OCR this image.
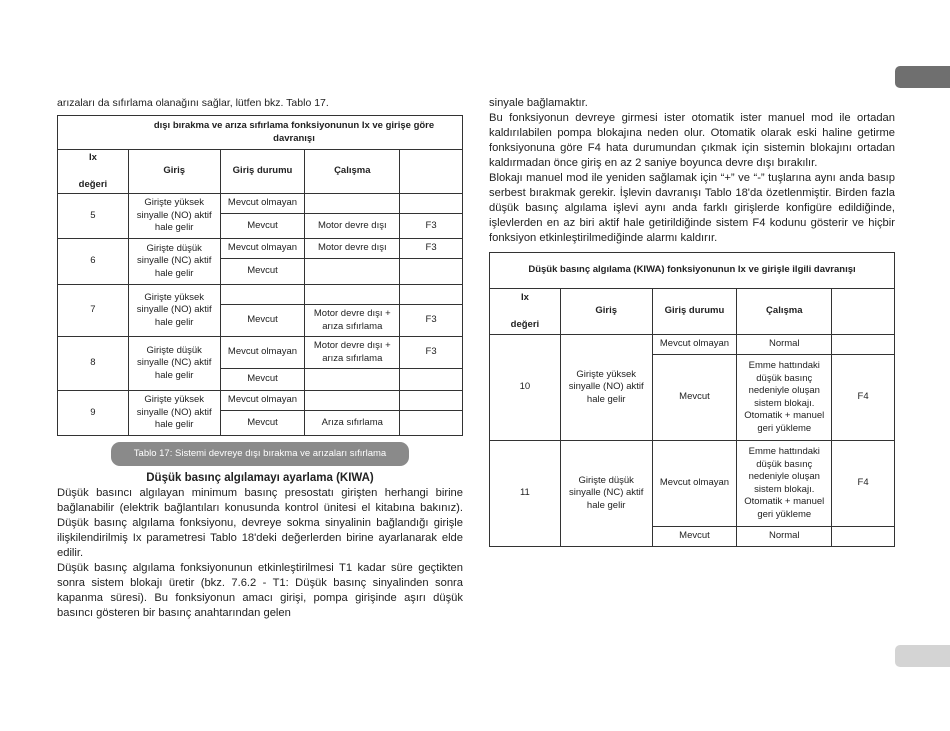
arızaları da sıfırlama olanağını sağlar, lütfen bkz. Tablo 17.

dışı bırakma ve arıza sıfırlama fonksiyonunun Ix ve girişe göre davranışı				

Ix
değeri	Giriş	Giriş durumu	Çalışma	
5	Girişte yüksek sinyalle (NO) aktif hale gelir	Mevcut olmayan		
		Mevcut	Motor devre dışı	F3
6	Girişte düşük sinyalle (NC) aktif hale gelir	Mevcut olmayan	Motor devre dışı	F3
		Mevcut		
7	Girişte yüksek sinyalle (NO) aktif hale gelir			
		Mevcut	Motor devre dışı + arıza sıfırlama	F3
8	Girişte düşük sinyalle (NC) aktif hale gelir	Mevcut olmayan	Motor devre dışı + arıza sıfırlama	F3
		Mevcut		
9	Girişte yüksek sinyalle (NO) aktif hale gelir	Mevcut olmayan		
		Mevcut	Arıza sıfırlama	
Tablo 17: Sistemi devreye dışı bırakma ve arızaları sıfırlama
Düşük basınç algılamayı ayarlama (KIWA)

Düşük basıncı algılayan minimum basınç presostatı girişten herhangi birine bağlanabilir (elektrik bağlantıları konusunda kontrol ünitesi el kitabına bakınız). Düşük basınç algılama fonksiyonu, devreye sokma sinyalinin bağlandığı girişle ilişkilendirilmiş Ix parametresi Tablo 18'deki değerlerden birine ayarlanarak elde edilir.

Düşük basınç algılama fonksiyonunun etkinleştirilmesi T1 kadar süre geçtikten sonra sistem blokajı üretir (bkz. 7.6.2 - T1: Düşük basınç sinyalinden sonra kapanma süresi). Bu fonksiyonun amacı girişi, pompa girişinde aşırı düşük basıncı gösteren bir basınç anahtarından gelen

sinyale bağlamaktır.

Bu fonksiyonun devreye girmesi ister otomatik ister manuel mod ile ortadan kaldırılabilen pompa blokajına neden olur. Otomatik olarak eski haline getirme fonksiyonuna göre F4 hata durumundan çıkmak için sistemin blokajını ortadan kaldırmadan önce giriş en az 2 saniye boyunca devre dışı bırakılır.

Blokajı manuel mod ile yeniden sağlamak için “+” ve “-” tuşlarına aynı anda basıp serbest bırakmak gerekir. İşlevin davranışı Tablo 18'da özetlenmiştir. Birden fazla düşük basınç algılama işlevi aynı anda farklı girişlerde konfigüre edildiğinde, işlevlerden en az biri aktif hale getirildiğinde sistem F4 kodunu gösterir ve hiçbir fonksiyon etkinleştirilmediğinde alarmı kaldırır.

Düşük basınç algılama (KIWA) fonksiyonunun Ix ve girişle ilgili davranışı				

Ix
değeri	Giriş	Giriş durumu	Çalışma	
10	Girişte yüksek sinyalle (NO) aktif hale gelir	Mevcut olmayan	Normal	
		Mevcut	Emme hattındaki düşük basınç nedeniyle oluşan sistem blokajı. Otomatik + manuel geri yükleme	F4
11	Girişte düşük sinyalle (NC) aktif hale gelir	Mevcut olmayan	Emme hattındaki düşük basınç nedeniyle oluşan sistem blokajı. Otomatik + manuel geri yükleme	F4
		Mevcut	Normal	
